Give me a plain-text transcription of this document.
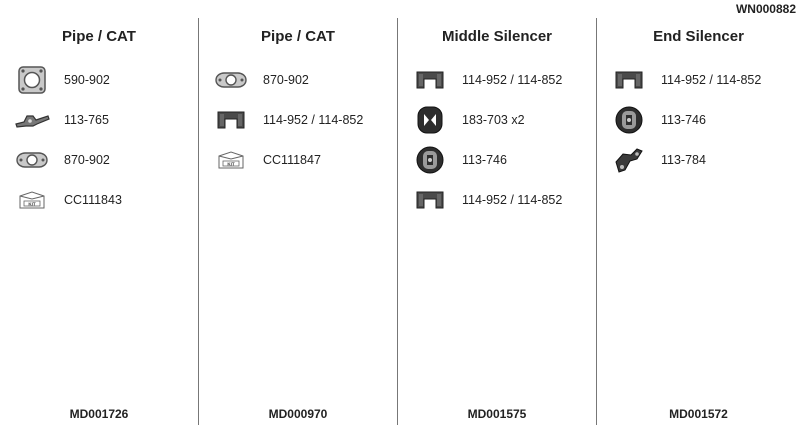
WN000882
Pipe / CAT
590-902
113-765
870-902
KIT CC111843
MD001726
Pipe / CAT
870-902
114-952 / 114-852
KIT CC111847
MD000970
Middle Silencer
114-952 / 114-852
183-703 x2
113-746
114-952 / 114-852
MD001575
End Silencer
114-952 / 114-852
113-746
113-784
MD001572
